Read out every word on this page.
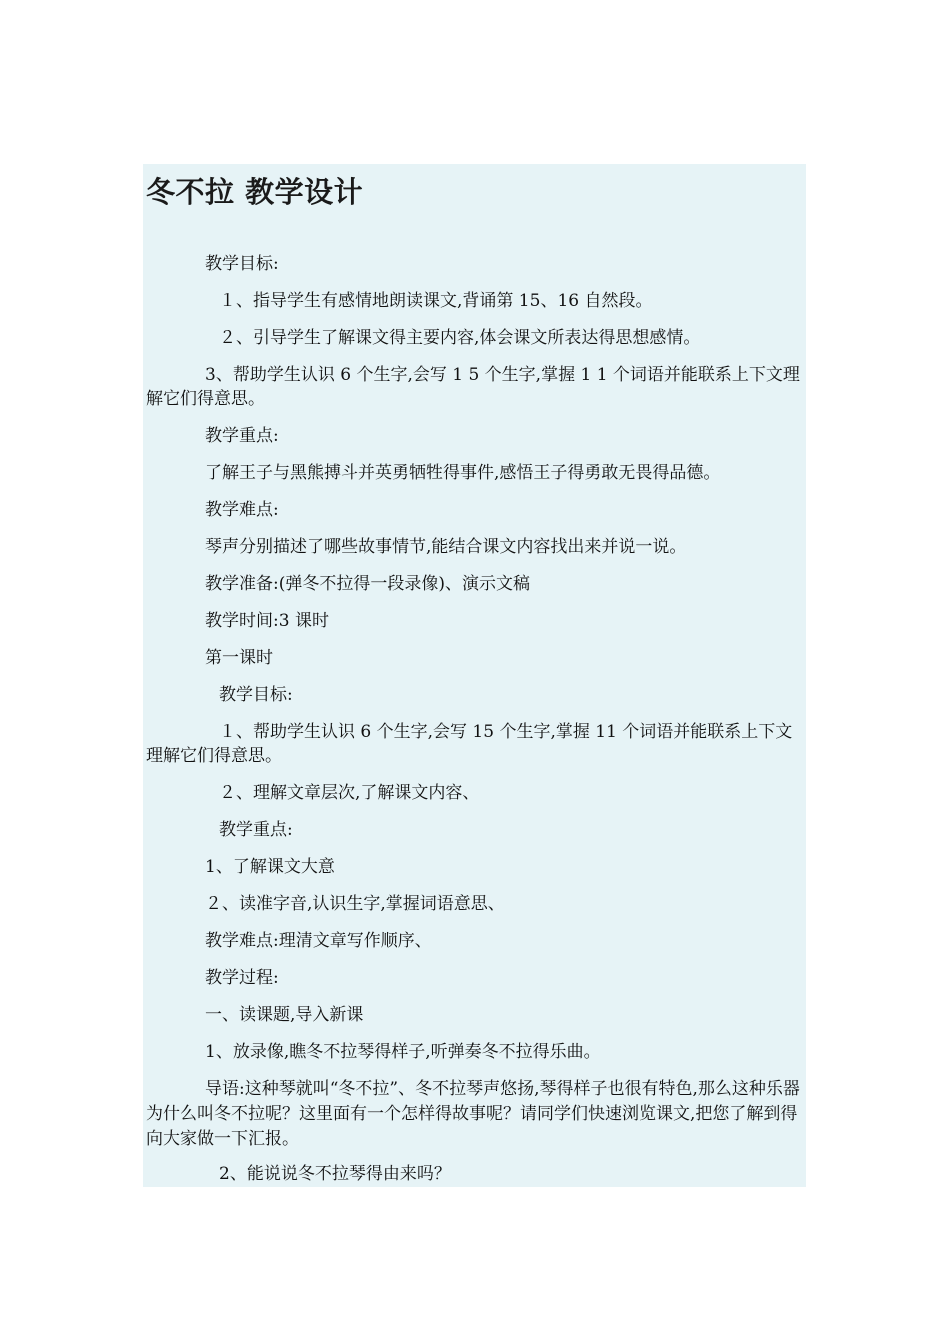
冬不拉 教学设计

教学目标:

１、指导学生有感情地朗读课文,背诵第 15、16 自然段。

２、引导学生了解课文得主要内容,体会课文所表达得思想感情。

3、帮助学生认识 6 个生字,会写 1 5 个生字,掌握 1 1 个词语并能联系上下文理解它们得意思。

教学重点:

了解王子与黑熊搏斗并英勇牺牲得事件,感悟王子得勇敢无畏得品德。

教学难点:

琴声分别描述了哪些故事情节,能结合课文内容找出来并说一说。

教学准备:(弹冬不拉得一段录像)、演示文稿

教学时间:3 课时

第一课时

教学目标:

１、帮助学生认识 6 个生字,会写 15 个生字,掌握 11 个词语并能联系上下文理解它们得意思。

２、理解文章层次,了解课文内容、

教学重点:

1、了解课文大意

２、读准字音,认识生字,掌握词语意思、

教学难点:理清文章写作顺序、

教学过程:

一、读课题,导入新课

1、放录像,瞧冬不拉琴得样子,听弹奏冬不拉得乐曲。

导语:这种琴就叫“冬不拉”、冬不拉琴声悠扬,琴得样子也很有特色,那么这种乐器为什么叫冬不拉呢？这里面有一个怎样得故事呢？请同学们快速浏览课文,把您了解到得向大家做一下汇报。

2、能说说冬不拉琴得由来吗？
